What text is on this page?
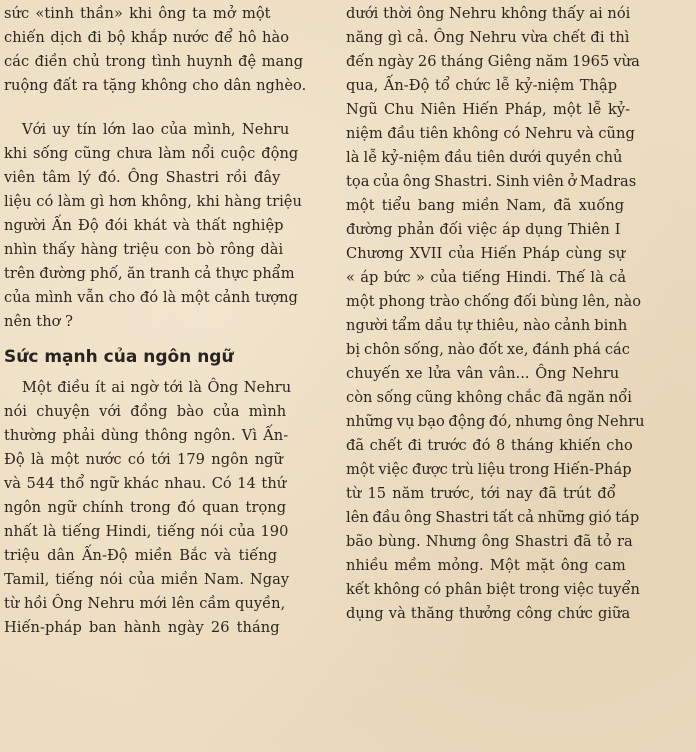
sức «tinh thần» khi ông ta mở một
chiến dịch đi bộ khắp nước để hô hào
các điền chủ trong tình huynh đệ mang
ruộng đất ra tặng không cho dân nghèo.
Với uy tín lớn lao của mình, Nehru
khi sống cũng chưa làm nổi cuộc động
viên tâm lý đó. Ông Shastri rồi đây
liệu có làm gì hơn không, khi hàng triệu
người Ấn Độ đói khát và thất nghiệp
nhìn thấy hàng triệu con bò rông dài
trên đường phố, ăn tranh cả thực phẩm
của mình vẫn cho đó là một cảnh tượng
nên thơ ?
Sức mạnh của ngôn ngữ
Một điều ít ai ngờ tới là Ông Nehru
nói chuyện với đồng bào của mình
thường phải dùng thông ngôn. Vì Ấn-
Độ là một nước có tới 179 ngôn ngữ
và 544 thổ ngữ khác nhau. Có 14 thứ
ngôn ngữ chính trong đó quan trọng
nhất là tiếng Hindi, tiếng nói của 190
triệu dân Ấn-Độ miền Bắc và tiếng
Tamil, tiếng nói của miền Nam. Ngay
từ hồi Ông Nehru mới lên cầm quyền,
Hiến-pháp ban hành ngày 26 tháng
dưới thời ông Nehru không thấy ai nói
năng gì cả. Ông Nehru vừa chết đi thì
đến ngày 26 tháng Giêng năm 1965 vừa
qua, Ấn-Độ tổ chức lễ kỷ-niệm Thập
Ngũ Chu Niên Hiến Pháp, một lễ kỷ-
niệm đầu tiên không có Nehru và cũng
là lễ kỷ-niệm đầu tiên dưới quyền chủ
tọa của ông Shastri. Sinh viên ở Madras
một tiểu bang miền Nam, đã xuống
đường phản đối việc áp dụng Thiên I
Chương XVII của Hiến Pháp cùng sự
« áp bức » của tiếng Hindi. Thế là cả
một phong trào chống đối bùng lên, nào
người tẩm dầu tự thiêu, nào cảnh binh
bị chôn sống, nào đốt xe, đánh phá các
chuyến xe lửa vân vân... Ông Nehru
còn sống cũng không chắc đã ngăn nổi
những vụ bạo động đó, nhưng ông Nehru
đã chết đi trước đó 8 tháng khiến cho
một việc được trù liệu trong Hiến-Pháp
từ 15 năm trước, tới nay đã trút đổ
lên đầu ông Shastri tất cả những gió táp
bão bùng. Nhưng ông Shastri đã tỏ ra
nhiều mềm mỏng. Một mặt ông cam
kết không có phân biệt trong việc tuyển
dụng và thăng thưởng công chức giữa
